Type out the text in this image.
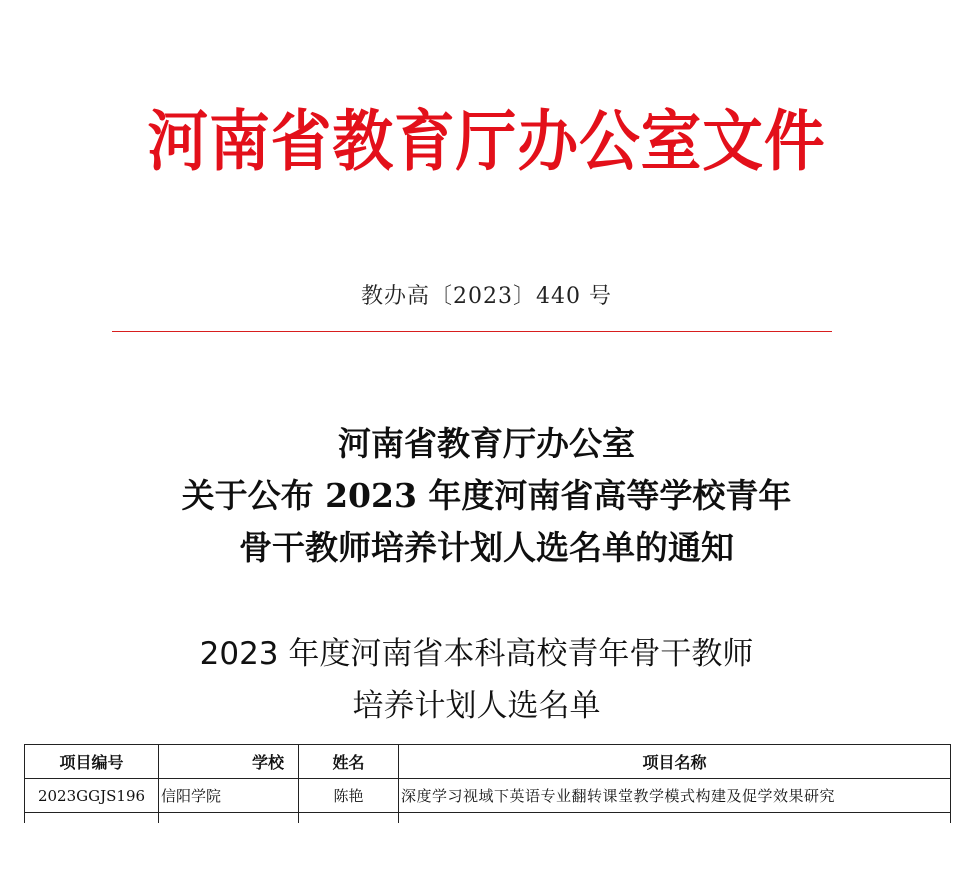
河南省教育厅办公室文件
教办高〔2023〕440 号
河南省教育厅办公室
关于公布 2023 年度河南省高等学校青年
骨干教师培养计划人选名单的通知
2023 年度河南省本科高校青年骨干教师
培养计划人选名单
项目编号	学校	姓名	项目名称
2023GGJS196	信阳学院	陈艳	深度学习视域下英语专业翻转课堂教学模式构建及促学效果研究
